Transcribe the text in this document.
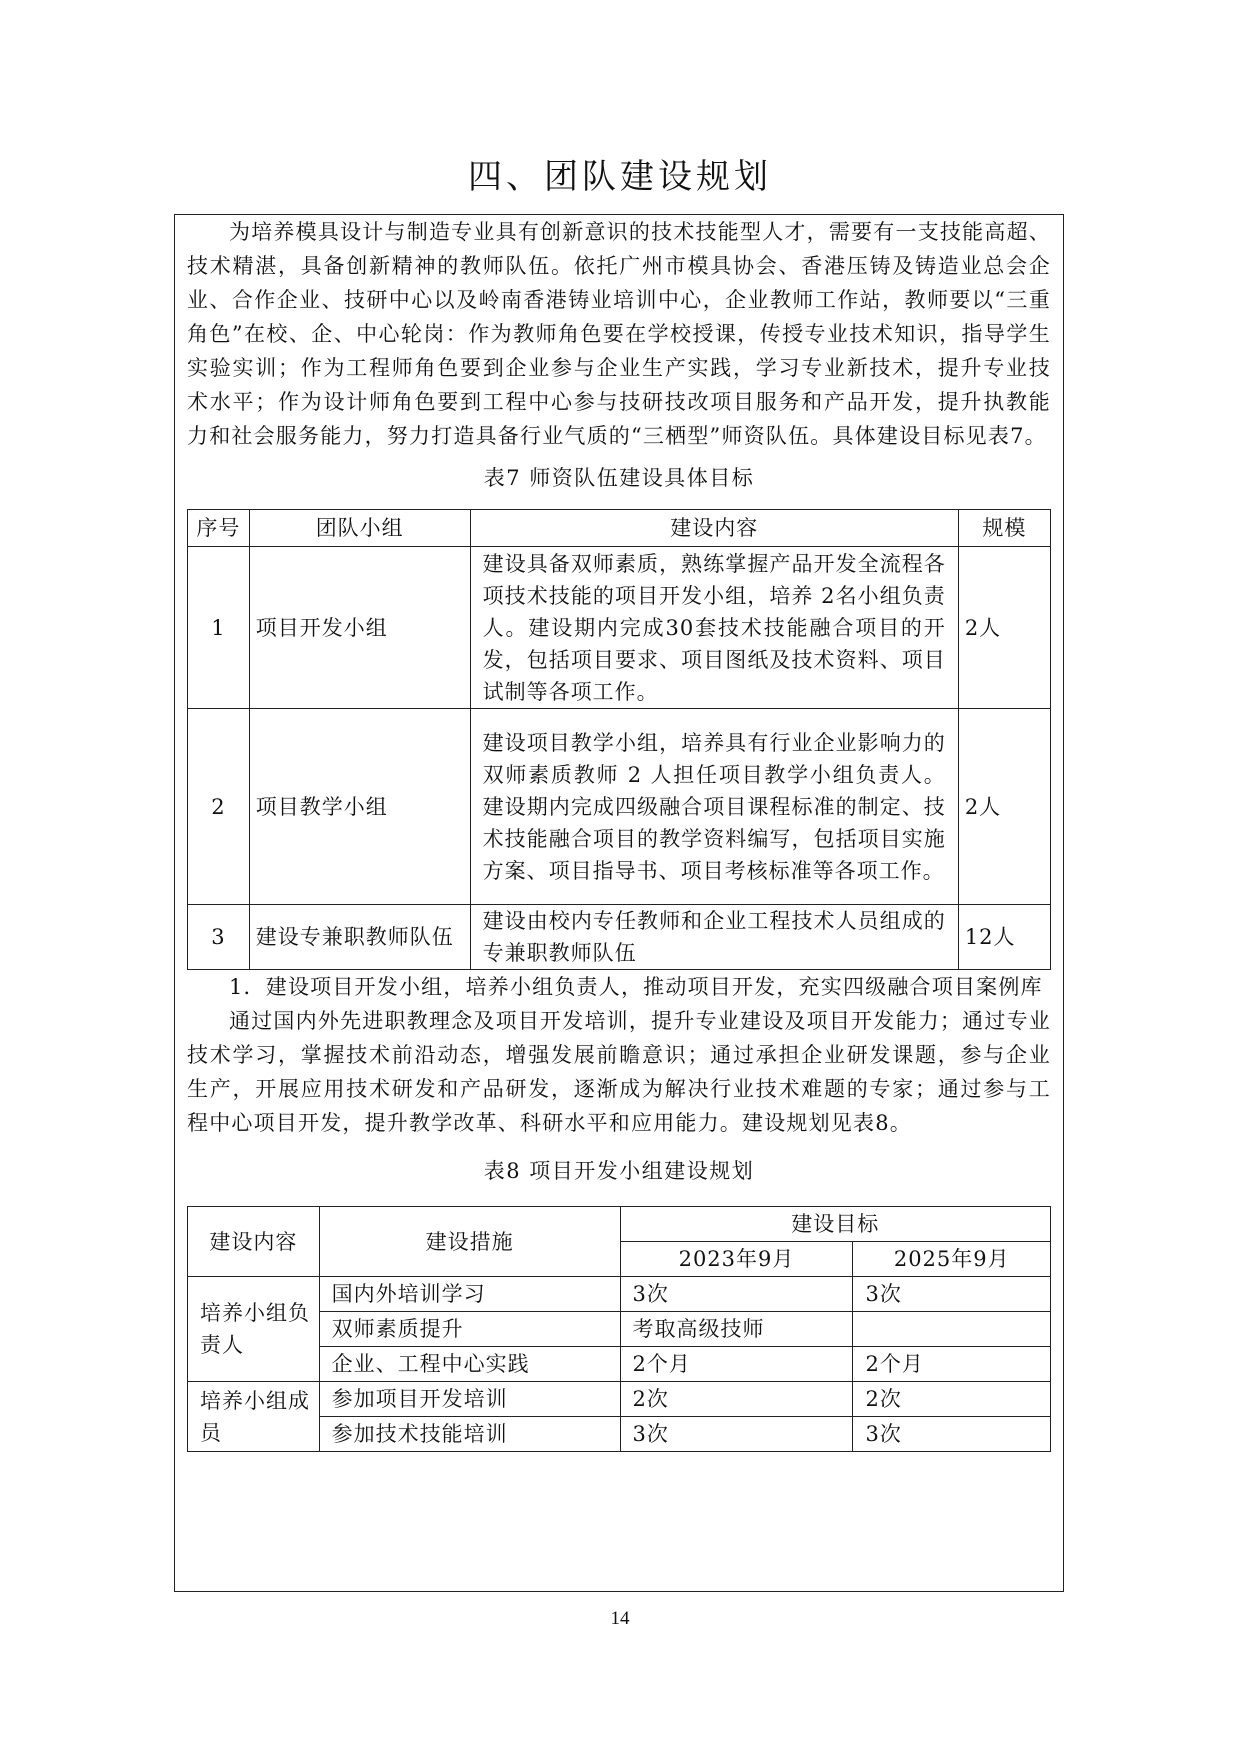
四、团队建设规划

为培养模具设计与制造专业具有创新意识的技术技能型人才，需要有一支技能高超、技术精湛，具备创新精神的教师队伍。依托广州市模具协会、香港压铸及铸造业总会企业、合作企业、技研中心以及岭南香港铸业培训中心，企业教师工作站，教师要以“三重角色”在校、企、中心轮岗：作为教师角色要在学校授课，传授专业技术知识，指导学生实验实训；作为工程师角色要到企业参与企业生产实践，学习专业新技术，提升专业技术水平；作为设计师角色要到工程中心参与技研技改项目服务和产品开发，提升执教能力和社会服务能力，努力打造具备行业气质的“三栖型”师资队伍。具体建设目标见表7。

表7 师资队伍建设具体目标
序号	团队小组	建设内容	规模
1	项目开发小组	建设具备双师素质，熟练掌握产品开发全流程各项技术技能的项目开发小组，培养 2名小组负责人。建设期内完成30套技术技能融合项目的开发，包括项目要求、项目图纸及技术资料、项目试制等各项工作。	2人
2	项目教学小组	建设项目教学小组，培养具有行业企业影响力的双师素质教师 2 人担任项目教学小组负责人。建设期内完成四级融合项目课程标准的制定、技术技能融合项目的教学资料编写，包括项目实施方案、项目指导书、项目考核标准等各项工作。	2人
3	建设专兼职教师队伍	建设由校内专任教师和企业工程技术人员组成的专兼职教师队伍	12人

1．建设项目开发小组，培养小组负责人，推动项目开发，充实四级融合项目案例库

通过国内外先进职教理念及项目开发培训，提升专业建设及项目开发能力；通过专业技术学习，掌握技术前沿动态，增强发展前瞻意识；通过承担企业研发课题，参与企业生产，开展应用技术研发和产品研发，逐渐成为解决行业技术难题的专家；通过参与工程中心项目开发，提升教学改革、科研水平和应用能力。建设规划见表8。

表8 项目开发小组建设规划
建设内容	建设措施	建设目标	
		2023年9月	2025年9月
培养小组负责人	国内外培训学习	3次	3次
	双师素质提升	考取高级技师	
	企业、工程中心实践	2个月	2个月
培养小组成员	参加项目开发培训	2次	2次
	参加技术技能培训	3次	3次
14
